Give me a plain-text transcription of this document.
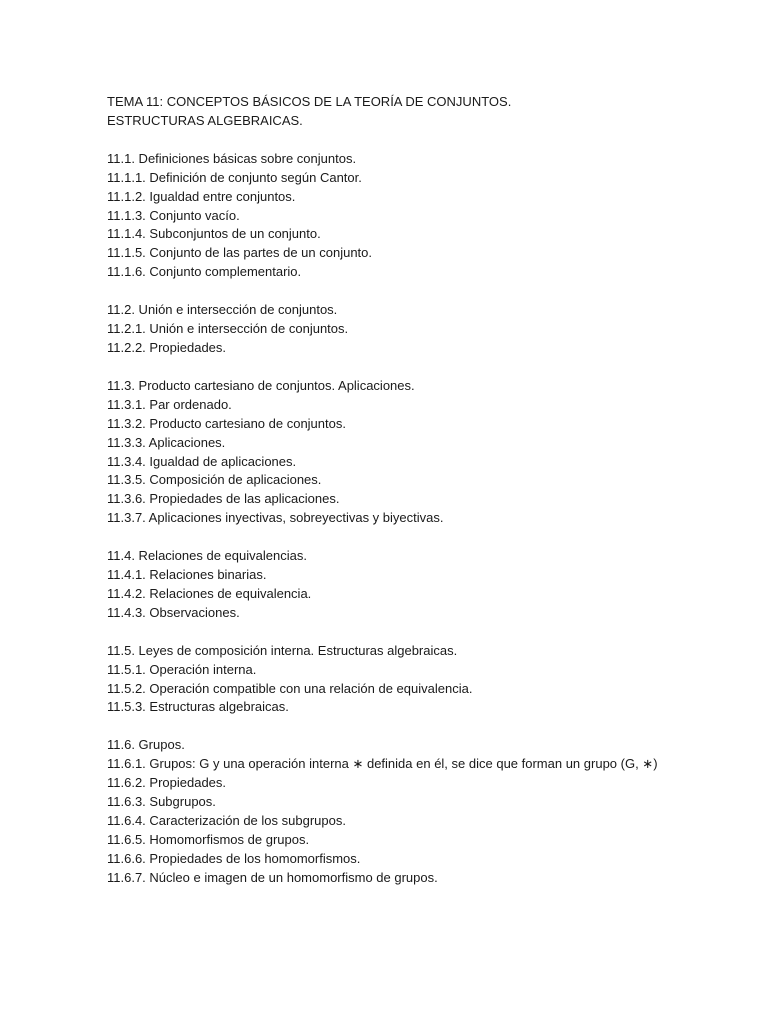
TEMA 11: CONCEPTOS BÁSICOS DE LA TEORÍA DE CONJUNTOS.
ESTRUCTURAS ALGEBRAICAS.
11.1. Definiciones básicas sobre conjuntos.
11.1.1. Definición de conjunto según Cantor.
11.1.2. Igualdad entre conjuntos.
11.1.3. Conjunto vacío.
11.1.4. Subconjuntos de un conjunto.
11.1.5. Conjunto de las partes de un conjunto.
11.1.6. Conjunto complementario.
11.2. Unión e intersección de conjuntos.
11.2.1. Unión e intersección de conjuntos.
11.2.2. Propiedades.
11.3. Producto cartesiano de conjuntos. Aplicaciones.
11.3.1. Par ordenado.
11.3.2. Producto cartesiano de conjuntos.
11.3.3. Aplicaciones.
11.3.4. Igualdad de aplicaciones.
11.3.5. Composición de aplicaciones.
11.3.6. Propiedades de las aplicaciones.
11.3.7. Aplicaciones inyectivas, sobreyectivas y biyectivas.
11.4. Relaciones de equivalencias.
11.4.1. Relaciones binarias.
11.4.2. Relaciones de equivalencia.
11.4.3. Observaciones.
11.5. Leyes de composición interna. Estructuras algebraicas.
11.5.1. Operación interna.
11.5.2. Operación compatible con una relación de equivalencia.
11.5.3. Estructuras algebraicas.
11.6. Grupos.
11.6.1. Grupos: G y una operación interna ∗ definida en él, se dice que forman un grupo (G, ∗)
11.6.2. Propiedades.
11.6.3. Subgrupos.
11.6.4. Caracterización de los subgrupos.
11.6.5. Homomorfismos de grupos.
11.6.6. Propiedades de los homomorfismos.
11.6.7. Núcleo e imagen de un homomorfismo de grupos.
